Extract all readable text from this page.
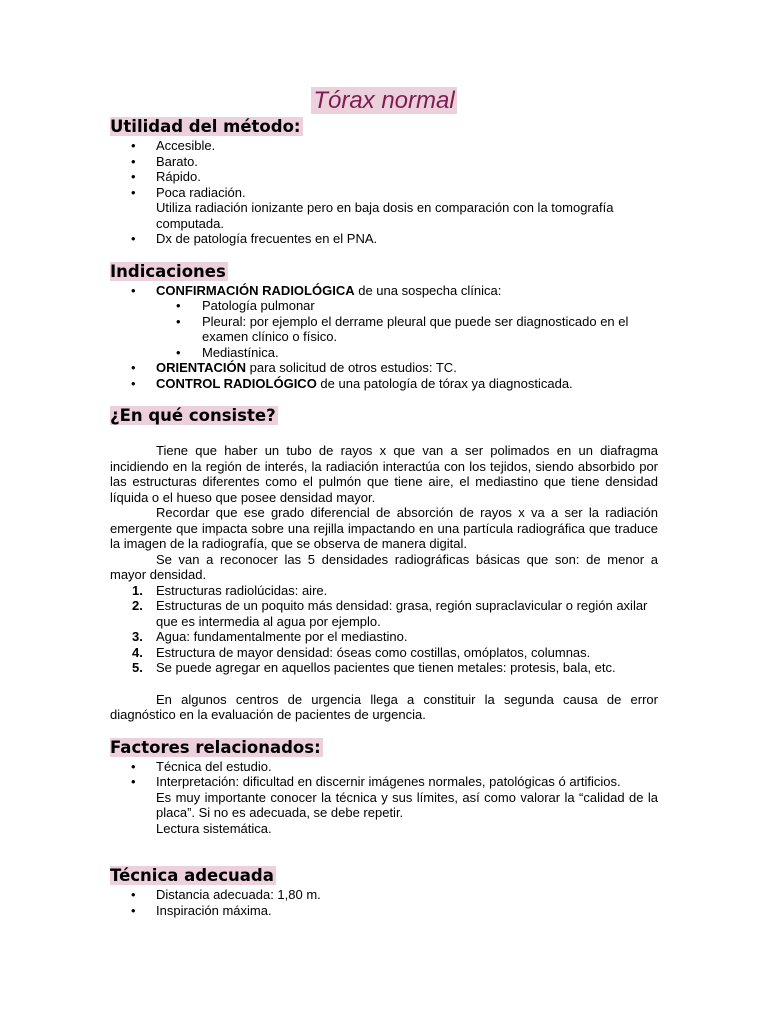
Tórax normal
Utilidad del método:
• Accesible.
• Barato.
• Rápido.
• Poca radiación.
Utiliza radiación ionizante pero en baja dosis en comparación con la tomografía computada.
• Dx de patología frecuentes en el PNA.
Indicaciones
• CONFIRMACIÓN RADIOLÓGICA de una sospecha clínica:
• Patología pulmonar
• Pleural: por ejemplo el derrame pleural que puede ser diagnosticado en el examen clínico o físico.
• Mediastínica.
• ORIENTACIÓN para solicitud de otros estudios: TC.
• CONTROL RADIOLÓGICO de una patología de tórax ya diagnosticada.
¿En qué consiste?

Tiene que haber un tubo de rayos x que van a ser polimados en un diafragma incidiendo en la región de interés, la radiación interactúa con los tejidos, siendo absorbido por las estructuras diferentes como el pulmón que tiene aire, el mediastino que tiene densidad líquida o el hueso que posee densidad mayor.

Recordar que ese grado diferencial de absorción de rayos x va a ser la radiación emergente que impacta sobre una rejilla impactando en una partícula radiográfica que traduce la imagen de la radiografía, que se observa de manera digital.

Se van a reconocer las 5 densidades radiográficas básicas que son: de menor a mayor densidad.

1. Estructuras radiolúcidas: aire.
2. Estructuras de un poquito más densidad: grasa, región supraclavicular o región axilar que es intermedia al agua por ejemplo.
3. Agua: fundamentalmente por el mediastino.
4. Estructura de mayor densidad: óseas como costillas, omóplatos, columnas.
5. Se puede agregar en aquellos pacientes que tienen metales: protesis, bala, etc.

En algunos centros de urgencia llega a constituir la segunda causa de error diagnóstico en la evaluación de pacientes de urgencia.

Factores relacionados:
• Técnica del estudio.
• Interpretación: dificultad en discernir imágenes normales, patológicas ó artificios.
Es muy importante conocer la técnica y sus límites, así como valorar la “calidad de la placa”. Si no es adecuada, se debe repetir.
Lectura sistemática.
Técnica adecuada
• Distancia adecuada: 1,80 m.
• Inspiración máxima.
